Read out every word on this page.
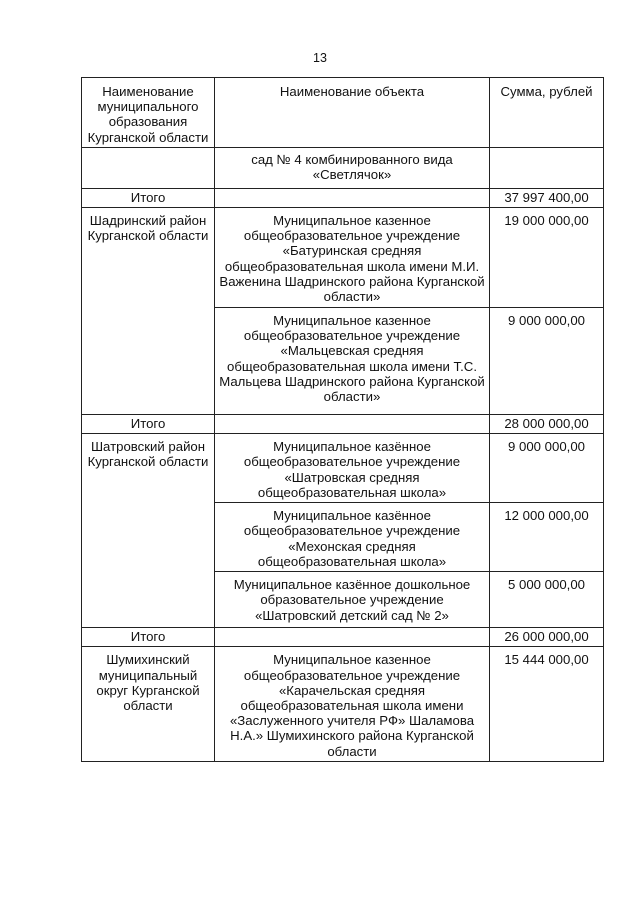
13
Наименование муниципального образования Курганской области	Наименование объекта	Сумма, рублей
	сад № 4 комбинированного вида «Светлячок»	
Итого		37 997 400,00
Шадринский район Курганской области	Муниципальное казенное общеобразовательное учреждение «Батуринская средняя общеобразовательная школа имени М.И. Важенина Шадринского района Курганской области»	19 000 000,00
	Муниципальное казенное общеобразовательное учреждение «Мальцевская средняя общеобразовательная школа имени Т.С. Мальцева Шадринского района Курганской области»	9 000 000,00
Итого		28 000 000,00
Шатровский район Курганской области	Муниципальное казённое общеобразовательное учреждение «Шатровская средняя общеобразовательная школа»	9 000 000,00
	Муниципальное казённое общеобразовательное учреждение «Мехонская средняя общеобразовательная школа»	12 000 000,00
	Муниципальное казённое дошкольное образовательное учреждение «Шатровский детский сад № 2»	5 000 000,00
Итого		26 000 000,00
Шумихинский муниципальный округ Курганской области	Муниципальное казенное общеобразовательное учреждение «Карачельская средняя общеобразовательная школа имени «Заслуженного учителя РФ» Шаламова Н.А.» Шумихинского района Курганской области	15 444 000,00
